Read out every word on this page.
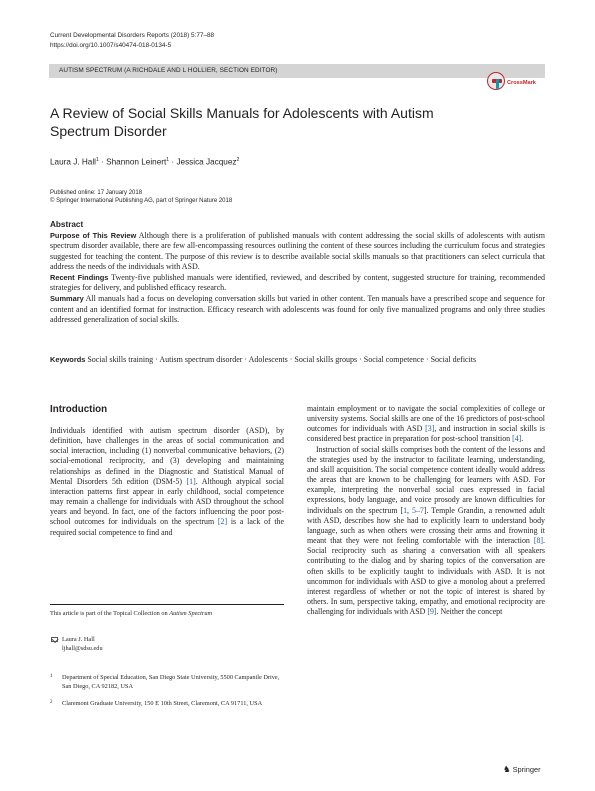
Current Developmental Disorders Reports (2018) 5:77–88
https://doi.org/10.1007/s40474-018-0134-5
AUTISM SPECTRUM (A RICHDALE AND L HOLLIER, SECTION EDITOR)
CrossMark
A Review of Social Skills Manuals for Adolescents with Autism Spectrum Disorder
Laura J. Hall$^1$ · Shannon Leinert$^1$ · Jessica Jacquez$^2$
Published online: 17 January 2018
© Springer International Publishing AG, part of Springer Nature 2018
Abstract

Purpose of This Review Although there is a proliferation of published manuals with content addressing the social skills of adolescents with autism spectrum disorder available, there are few all-encompassing resources outlining the content of these sources including the curriculum focus and strategies suggested for teaching the content. The purpose of this review is to describe available social skills manuals so that practitioners can select curricula that address the needs of the individuals with ASD.

Recent Findings Twenty-five published manuals were identified, reviewed, and described by content, suggested structure for training, recommended strategies for delivery, and published efficacy research.

Summary All manuals had a focus on developing conversation skills but varied in other content. Ten manuals have a prescribed scope and sequence for content and an identified format for instruction. Efficacy research with adolescents was found for only five manualized programs and only three studies addressed generalization of social skills.

Keywords Social skills training · Autism spectrum disorder · Adolescents · Social skills groups · Social competence · Social deficits
Introduction

Individuals identified with autism spectrum disorder (ASD), by definition, have challenges in the areas of social communication and social interaction, including (1) nonverbal communicative behaviors, (2) social-emotional reciprocity, and (3) developing and maintaining relationships as defined in the Diagnostic and Statistical Manual of Mental Disorders 5th edition (DSM-5) [1]. Although atypical social interaction patterns first appear in early childhood, social competence may remain a challenge for individuals with ASD throughout the school years and beyond. In fact, one of the factors influencing the poor post-school outcomes for individuals on the spectrum [2] is a lack of the required social competence to find and

maintain employment or to navigate the social complexities of college or university systems. Social skills are one of the 16 predictors of post-school outcomes for individuals with ASD [3], and instruction in social skills is considered best practice in preparation for post-school transition [4].

Instruction of social skills comprises both the content of the lessons and the strategies used by the instructor to facilitate learning, understanding, and skill acquisition. The social competence content ideally would address the areas that are known to be challenging for learners with ASD. For example, interpreting the nonverbal social cues expressed in facial expressions, body language, and voice prosody are known difficulties for individuals on the spectrum [1, 5–7]. Temple Grandin, a renowned adult with ASD, describes how she had to explicitly learn to understand body language, such as when others were crossing their arms and frowning it meant that they were not feeling comfortable with the interaction [8]. Social reciprocity such as sharing a conversation with all speakers contributing to the dialog and by sharing topics of the conversation are often skills to be explicitly taught to individuals with ASD. It is not uncommon for individuals with ASD to give a monolog about a preferred interest regardless of whether or not the topic of interest is shared by others. In sum, perspective taking, empathy, and emotional reciprocity are challenging for individuals with ASD [9]. Neither the concept

This article is part of the Topical Collection on Autism Spectrum
Laura J. Hall
ljhall@sdsu.edu
1 Department of Special Education, San Diego State University, 5500 Campanile Drive, San Diego, CA 92182, USA
2 Claremont Graduate University, 150 E 10th Street, Claremont, CA 91711, USA
♞ Springer
